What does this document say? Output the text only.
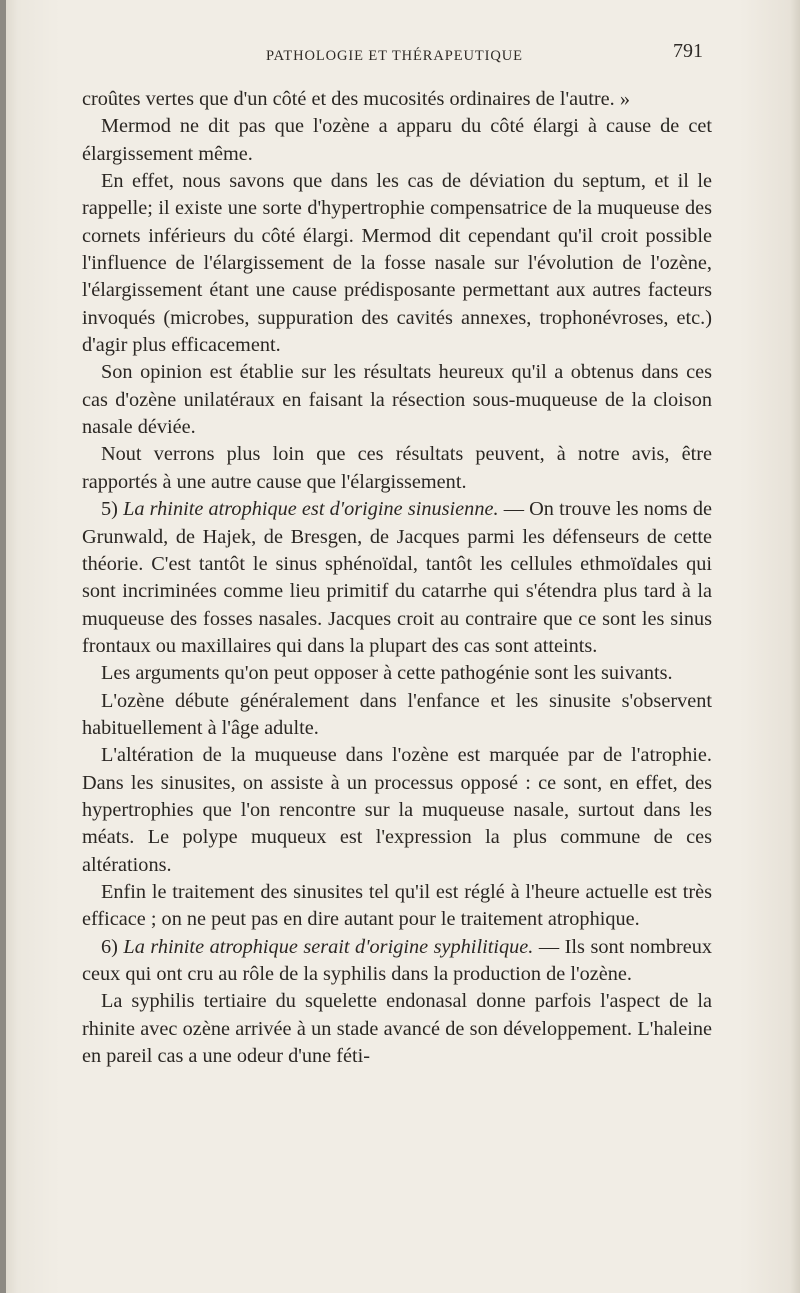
PATHOLOGIE ET THÉRAPEUTIQUE	791

croûtes vertes que d'un côté et des mucosités ordinaires de l'autre. »

Mermod ne dit pas que l'ozène a apparu du côté élargi à cause de cet élargissement même.

En effet, nous savons que dans les cas de déviation du septum, et il le rappelle; il existe une sorte d'hypertrophie compensatrice de la muqueuse des cornets inférieurs du côté élargi. Mermod dit cependant qu'il croit possible l'influence de l'élargissement de la fosse nasale sur l'évolution de l'ozène, l'élargissement étant une cause prédisposante permettant aux autres facteurs invoqués (microbes, suppuration des cavités annexes, trophonévroses, etc.) d'agir plus efficacement.

Son opinion est établie sur les résultats heureux qu'il a obtenus dans ces cas d'ozène unilatéraux en faisant la résection sous-muqueuse de la cloison nasale déviée.

Nout verrons plus loin que ces résultats peuvent, à notre avis, être rapportés à une autre cause que l'élargissement.

5) La rhinite atrophique est d'origine sinusienne. — On trouve les noms de Grunwald, de Hajek, de Bresgen, de Jacques parmi les défenseurs de cette théorie. C'est tantôt le sinus sphénoïdal, tantôt les cellules ethmoïdales qui sont incriminées comme lieu primitif du catarrhe qui s'étendra plus tard à la muqueuse des fosses nasales. Jacques croit au contraire que ce sont les sinus frontaux ou maxillaires qui dans la plupart des cas sont atteints.

Les arguments qu'on peut opposer à cette pathogénie sont les suivants.

L'ozène débute généralement dans l'enfance et les sinusite s'observent habituellement à l'âge adulte.

L'altération de la muqueuse dans l'ozène est marquée par de l'atrophie. Dans les sinusites, on assiste à un processus opposé : ce sont, en effet, des hypertrophies que l'on rencontre sur la muqueuse nasale, surtout dans les méats. Le polype muqueux est l'expression la plus commune de ces altérations.

Enfin le traitement des sinusites tel qu'il est réglé à l'heure actuelle est très efficace ; on ne peut pas en dire autant pour le traitement atrophique.

6) La rhinite atrophique serait d'origine syphilitique. — Ils sont nombreux ceux qui ont cru au rôle de la syphilis dans la production de l'ozène.

La syphilis tertiaire du squelette endonasal donne parfois l'aspect de la rhinite avec ozène arrivée à un stade avancé de son développement. L'haleine en pareil cas a une odeur d'une féti-
